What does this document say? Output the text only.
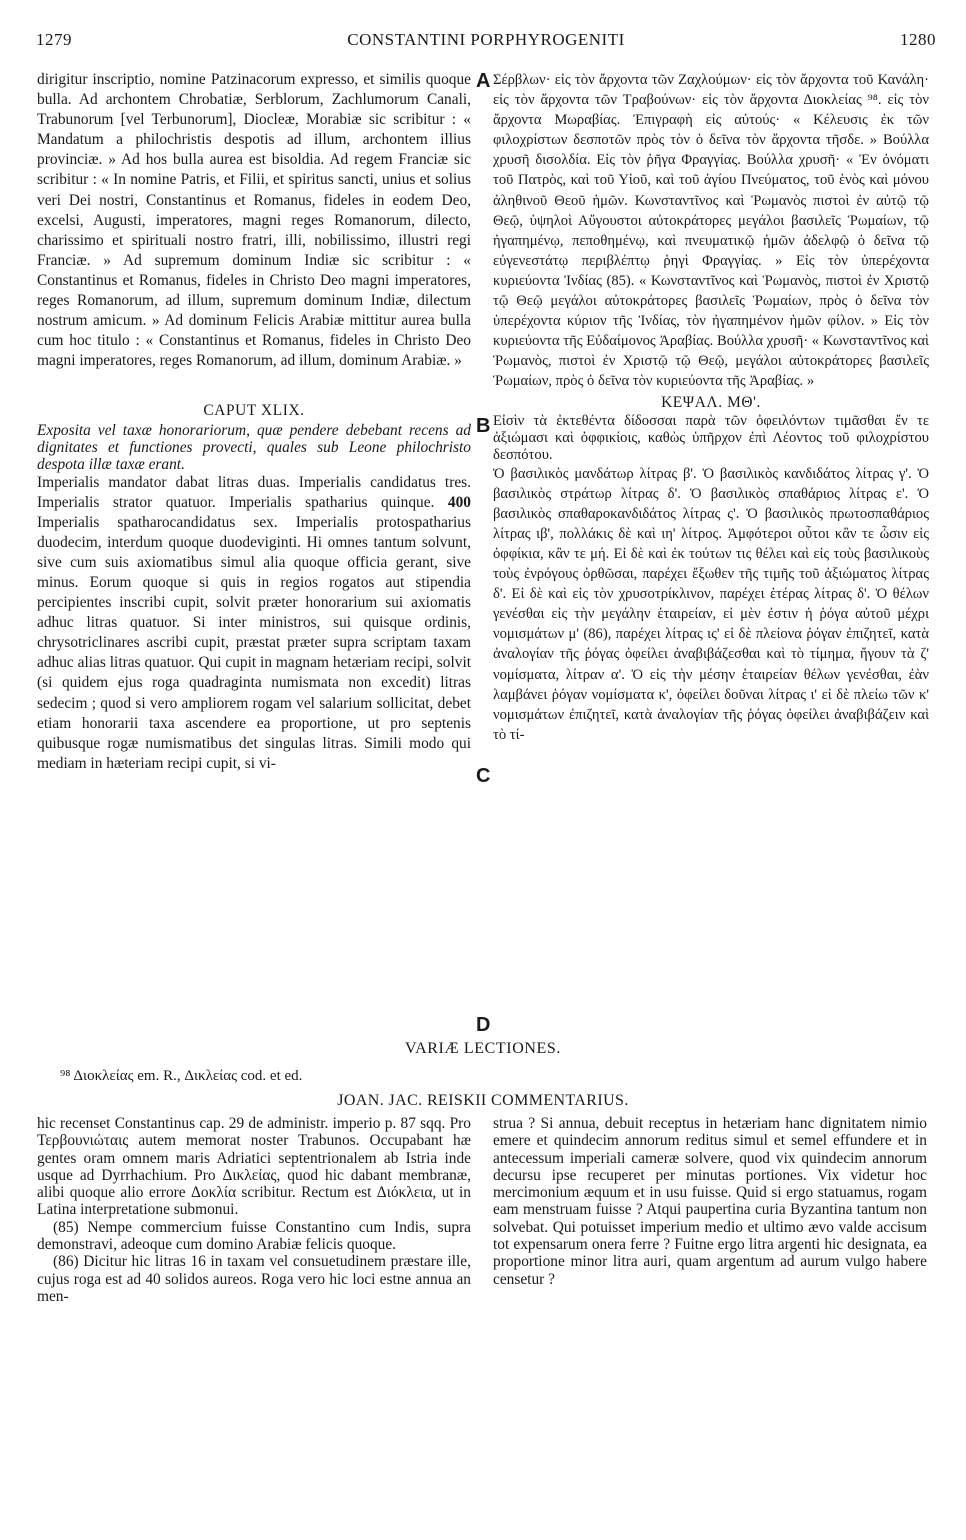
1279	CONSTANTINI PORPHYROGENITI	1280

dirigitur inscriptio, nomine Patzinacorum expresso, et similis quoque bulla. Ad archontem Chrobatiæ, Serblorum, Zachlumorum Canali, Trabunorum [vel Terbunorum], Diocleæ, Morabiæ sic scribitur : « Mandatum a philochristis despotis ad illum, archontem illius provinciæ. » Ad hos bulla aurea est bisoldia. Ad regem Franciæ sic scribitur : « In nomine Patris, et Filii, et spiritus sancti, unius et solius veri Dei nostri, Constantinus et Romanus, fideles in eodem Deo, excelsi, Augusti, imperatores, magni reges Romanorum, dilecto, charissimo et spirituali nostro fratri, illi, nobilissimo, illustri regi Franciæ. » Ad supremum dominum Indiæ sic scribitur : « Constantinus et Romanus, fideles in Christo Deo magni imperatores, reges Romanorum, ad illum, supremum dominum Indiæ, dilectum nostrum amicum. » Ad dominum Felicis Arabiæ mittitur aurea bulla cum hoc titulo : « Constantinus et Romanus, fideles in Christo Deo magni imperatores, reges Romanorum, ad illum, dominum Arabiæ. »

CAPUT XLIX.

Exposita vel taxæ honorariorum, quæ pendere debebant recens ad dignitates et functiones provecti, quales sub Leone philochristo despota illæ taxæ erant.

Imperialis mandator dabat litras duas. Imperialis candidatus tres. Imperialis strator quatuor. Imperialis spatharius quinque. 400 Imperialis spatharocandidatus sex. Imperialis protospatharius duodecim, interdum quoque duodeviginti. Hi omnes tantum solvunt, sive cum suis axiomatibus simul alia quoque officia gerant, sive minus. Eorum quoque si quis in regios rogatos aut stipendia percipientes inscribi cupit, solvit præter honorarium sui axiomatis adhuc litras quatuor. Si inter ministros, sui quisque ordinis, chrysotriclinares ascribi cupit, præstat præter supra scriptam taxam adhuc alias litras quatuor. Qui cupit in magnam hetæriam recipi, solvit (si quidem ejus roga quadraginta numismata non excedit) litras sedecim ; quod si vero ampliorem rogam vel salarium sollicitat, debet etiam honorarii taxa ascendere ea proportione, ut pro septenis quibusque rogæ numismatibus det singulas litras. Simili modo qui mediam in hæteriam recipi cupit, si vi-

Σέρβλων· εἰς τὸν ἄρχοντα τῶν Ζαχλούμων· εἰς τὸν ἄρχοντα τοῦ Κανάλη· εἰς τὸν ἄρχοντα τῶν Τραβούνων· εἰς τὸν ἄρχοντα Διοκλείας ⁹⁸. εἰς τὸν ἄρχοντα Μωραβίας. Ἐπιγραφὴ εἰς αὐτούς· « Κέλευσις ἐκ τῶν φιλοχρίστων δεσποτῶν πρὸς τὸν ὁ δεῖνα τὸν ἄρχοντα τῆσδε. » Βούλλα χρυσῆ δισολδία. Εἰς τὸν ῥῆγα Φραγγίας. Βούλλα χρυσῆ· « Ἐν ὀνόματι τοῦ Πατρὸς, καὶ τοῦ Υἱοῦ, καὶ τοῦ ἁγίου Πνεύματος, τοῦ ἑνὸς καὶ μόνου ἀληθινοῦ Θεοῦ ἡμῶν. Κωνσταντῖνος καὶ Ῥωμανὸς πιστοὶ ἐν αὐτῷ τῷ Θεῷ, ὑψηλοὶ Αὔγουστοι αὐτοκράτορες μεγάλοι βασιλεῖς Ῥωμαίων, τῷ ἠγαπημένῳ, πεποθημένῳ, καὶ πνευματικῷ ἡμῶν ἀδελφῷ ὁ δεῖνα τῷ εὐγενεστάτῳ περιβλέπτῳ ῥηγὶ Φραγγίας. » Εἰς τὸν ὑπερέχοντα κυριεύοντα Ἰνδίας (85). « Κωνσταντῖνος καὶ Ῥωμανὸς, πιστοὶ ἐν Χριστῷ τῷ Θεῷ μεγάλοι αὐτοκράτορες βασιλεῖς Ῥωμαίων, πρὸς ὁ δεῖνα τὸν ὑπερέχοντα κύριον τῆς Ἰνδίας, τὸν ἠγαπημένον ἡμῶν φίλον. » Εἰς τὸν κυριεύοντα τῆς Εὐδαίμονος Ἀραβίας. Βούλλα χρυσῆ· « Κωνσταντῖνος καὶ Ῥωμανὸς, πιστοὶ ἐν Χριστῷ τῷ Θεῷ, μεγάλοι αὐτοκράτορες βασιλεῖς Ῥωμαίων, πρὸς ὁ δεῖνα τὸν κυριεύοντα τῆς Ἀραβίας. »

ΚΕΨΑΛ. ΜΘ'.

Εἰσὶν τὰ ἐκτεθέντα δίδοσσαι παρὰ τῶν ὀφειλόντων τιμᾶσθαι ἔν τε ἀξιώμασι καὶ ὀφφικίοις, καθὼς ὑπῆρχον ἐπὶ Λέοντος τοῦ φιλοχρίστου δεσπότου.

Ὁ βασιλικὸς μανδάτωρ λίτρας β'. Ὁ βασιλικὸς κανδιδάτος λίτρας γ'. Ὁ βασιλικὸς στράτωρ λίτρας δ'. Ὁ βασιλικὸς σπαθάριος λίτρας ε'. Ὁ βασιλικὸς σπαθαροκανδιδάτος λίτρας ς'. Ὁ βασιλικὸς πρωτοσπαθάριος λίτρας ιβ', πολλάκις δὲ καὶ ιη' λίτρος. Ἀμφότεροι οὗτοι κἂν τε ὦσιν εἰς ὀφφίκια, κἂν τε μή. Εἰ δὲ καὶ ἐκ τούτων τις θέλει καὶ εἰς τοὺς βασιλικοὺς τοὺς ἐνρόγους ὀρθῶσαι, παρέχει ἔξωθεν τῆς τιμῆς τοῦ ἀξιώματος λίτρας δ'. Εἰ δὲ καὶ εἰς τὸν χρυσοτρίκλινον, παρέχει ἑτέρας λίτρας δ'. Ὁ θέλων γενέσθαι εἰς τὴν μεγάλην ἑταιρείαν, εἰ μὲν ἐστιν ἡ ῥόγα αὐτοῦ μέχρι νομισμάτων μ' (86), παρέχει λίτρας ις' εἰ δὲ πλείονα ῥόγαν ἐπιζητεῖ, κατὰ ἀναλογίαν τῆς ῥόγας ὀφείλει ἀναβιβάζεσθαι καὶ τὸ τίμημα, ἤγουν τὰ ζ' νομίσματα, λίτραν α'. Ὁ εἰς τὴν μέσην ἑταιρείαν θέλων γενέσθαι, ἐὰν λαμβάνει ῥόγαν νομίσματα κ', ὀφείλει δοῦναι λίτρας ι' εἰ δὲ πλείω τῶν κ' νομισμάτων ἐπιζητεῖ, κατὰ ἀναλογίαν τῆς ῥόγας ὀφείλει ἀναβιβάζειν καὶ τὸ τί-

A
B
C
D
VARIÆ LECTIONES.
⁹⁸ Διοκλείας em. R., Δικλείας cod. et ed.
JOAN. JAC. REISKII COMMENTARIUS.

hic recenset Constantinus cap. 29 de administr. imperio p. 87 sqq. Pro Τερβουνιώταις autem memorat noster Trabunos. Occupabant hæ gentes oram omnem maris Adriatici septentrionalem ab Istria inde usque ad Dyrrhachium. Pro Δικλείας, quod hic dabant membranæ, alibi quoque alio errore Δοκλία scribitur. Rectum est Διόκλεια, ut in Latina interpretatione submonui.

(85) Nempe commercium fuisse Constantino cum Indis, supra demonstravi, adeoque cum domino Arabiæ felicis quoque.

(86) Dicitur hic litras 16 in taxam vel consuetudinem præstare ille, cujus roga est ad 40 solidos aureos. Roga vero hic loci estne annua an men-

strua ? Si annua, debuit receptus in hetæriam hanc dignitatem nimio emere et quindecim annorum reditus simul et semel effundere et in antecessum imperiali cameræ solvere, quod vix quindecim annorum decursu ipse recuperet per minutas portiones. Vix videtur hoc mercimonium æquum et in usu fuisse. Quid si ergo statuamus, rogam eam menstruam fuisse ? Atqui paupertina curia Byzantina tantum non solvebat. Qui potuisset imperium medio et ultimo ævo valde accisum tot expensarum onera ferre ? Fuitne ergo litra argenti hic designata, ea proportione minor litra auri, quam argentum ad aurum vulgo habere censetur ?
